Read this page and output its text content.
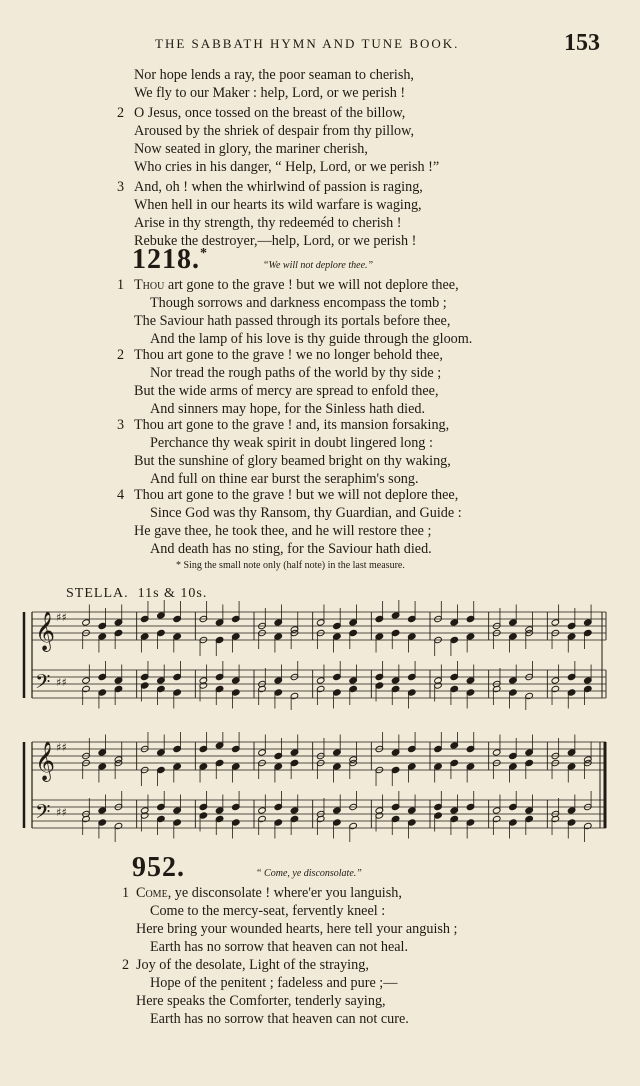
THE SABBATH HYMN AND TUNE BOOK.	153
Nor hope lends a ray, the poor seaman to cherish,
We fly to our Maker : help, Lord, or we perish !
2 O Jesus, once tossed on the breast of the billow,
Aroused by the shriek of despair from thy pillow,
Now seated in glory, the mariner cherish,
Who cries in his danger, “ Help, Lord, or we perish !”
3 And, oh ! when the whirlwind of passion is raging,
When hell in our hearts its wild warfare is waging,
Arise in thy strength, thy redeeméd to cherish !
Rebuke the destroyer,—help, Lord, or we perish !
1218.*
“We will not deplore thee.”
1 Thou art gone to the grave ! but we will not deplore thee,
Though sorrows and darkness encompass the tomb ;
The Saviour hath passed through its portals before thee,
And the lamp of his love is thy guide through the gloom.
2 Thou art gone to the grave ! we no longer behold thee,
Nor tread the rough paths of the world by thy side ;
But the wide arms of mercy are spread to enfold thee,
And sinners may hope, for the Sinless hath died.
3 Thou art gone to the grave ! and, its mansion forsaking,
Perchance thy weak spirit in doubt lingered long :
But the sunshine of glory beamed bright on thy waking,
And full on thine ear burst the seraphim's song.
4 Thou art gone to the grave ! but we will not deplore thee,
Since God was thy Ransom, thy Guardian, and Guide :
He gave thee, he took thee, and he will restore thee ;
And death has no sting, for the Saviour hath died.
* Sing the small note only (half note) in the last measure.
STELLA. 11s & 10s.
𝄞 ♯♯
𝄢 ♯♯
𝄞 ♯♯
𝄢 ♯♯
952.	“ Come, ye disconsolate.”
1 Come, ye disconsolate ! where'er you languish,
Come to the mercy-seat, fervently kneel :
Here bring your wounded hearts, here tell your anguish ;
Earth has no sorrow that heaven can not heal.
2 Joy of the desolate, Light of the straying,
Hope of the penitent ; fadeless and pure ;—
Here speaks the Comforter, tenderly saying,
Earth has no sorrow that heaven can not cure.
